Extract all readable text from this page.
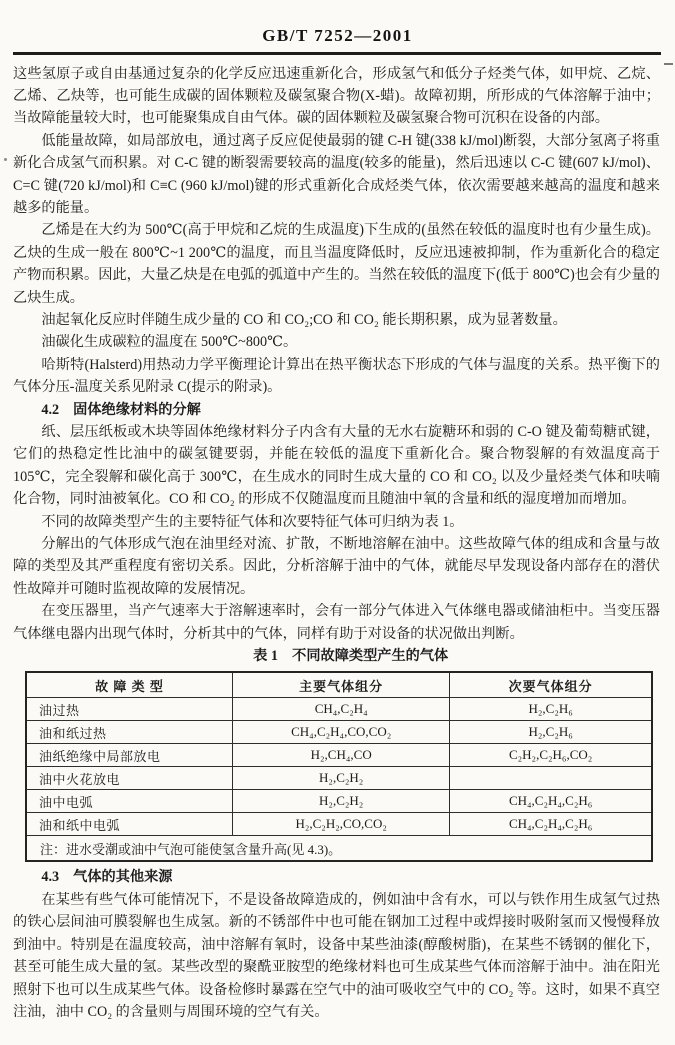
GB/T 7252—2001

这些氢原子或自由基通过复杂的化学反应迅速重新化合，形成氢气和低分子烃类气体，如甲烷、乙烷、乙烯、乙炔等，也可能生成碳的固体颗粒及碳氢聚合物(X-蜡)。故障初期，所形成的气体溶解于油中；当故障能量较大时，也可能聚集成自由气体。碳的固体颗粒及碳氢聚合物可沉积在设备的内部。

低能量故障，如局部放电，通过离子反应促使最弱的键 C-H 键(338 kJ/mol)断裂，大部分氢离子将重新化合成氢气而积累。对 C-C 键的断裂需要较高的温度(较多的能量)，然后迅速以 C-C 键(607 kJ/mol)、C=C 键(720 kJ/mol)和 C≡C (960 kJ/mol)键的形式重新化合成烃类气体，依次需要越来越高的温度和越来越多的能量。

乙烯是在大约为 500℃(高于甲烷和乙烷的生成温度)下生成的(虽然在较低的温度时也有少量生成)。乙炔的生成一般在 800℃~1 200℃的温度，而且当温度降低时，反应迅速被抑制，作为重新化合的稳定产物而积累。因此，大量乙炔是在电弧的弧道中产生的。当然在较低的温度下(低于 800℃)也会有少量的乙炔生成。

油起氧化反应时伴随生成少量的 CO 和 CO₂;CO 和 CO₂ 能长期积累，成为显著数量。

油碳化生成碳粒的温度在 500℃~800℃。

哈斯特(Halsterd)用热动力学平衡理论计算出在热平衡状态下形成的气体与温度的关系。热平衡下的气体分压-温度关系见附录 C(提示的附录)。

4.2 固体绝缘材料的分解

纸、层压纸板或木块等固体绝缘材料分子内含有大量的无水右旋糖环和弱的 C-O 键及葡萄糖甙键，它们的热稳定性比油中的碳氢键要弱，并能在较低的温度下重新化合。聚合物裂解的有效温度高于105℃，完全裂解和碳化高于 300℃，在生成水的同时生成大量的 CO 和 CO₂ 以及少量烃类气体和呋喃化合物，同时油被氧化。CO 和 CO₂ 的形成不仅随温度而且随油中氧的含量和纸的湿度增加而增加。

不同的故障类型产生的主要特征气体和次要特征气体可归纳为表 1。

分解出的气体形成气泡在油里经对流、扩散，不断地溶解在油中。这些故障气体的组成和含量与故障的类型及其严重程度有密切关系。因此，分析溶解于油中的气体，就能尽早发现设备内部存在的潜伏性故障并可随时监视故障的发展情况。

在变压器里，当产气速率大于溶解速率时，会有一部分气体进入气体继电器或储油柜中。当变压器气体继电器内出现气体时，分析其中的气体，同样有助于对设备的状况做出判断。

表 1　不同故障类型产生的气体

故 障 类 型	主要气体组分	次要气体组分
油过热	CH₄,C₂H₄	H₂,C₂H₆
油和纸过热	CH₄,C₂H₄,CO,CO₂	H₂,C₂H₆
油纸绝缘中局部放电	H₂,CH₄,CO	C₂H₂,C₂H₆,CO₂
油中火花放电	H₂,C₂H₂	
油中电弧	H₂,C₂H₂	CH₄,C₂H₄,C₂H₆
油和纸中电弧	H₂,C₂H₂,CO,CO₂	CH₄,C₂H₄,C₂H₆
注：进水受潮或油中气泡可能使氢含量升高(见 4.3)。		

4.3 气体的其他来源

在某些有些气体可能情况下，不是设备故障造成的，例如油中含有水，可以与铁作用生成氢气过热的铁心层间油可膜裂解也生成氢。新的不锈部件中也可能在钢加工过程中或焊接时吸附氢而又慢慢释放到油中。特别是在温度较高，油中溶解有氧时，设备中某些油漆(醇酸树脂)，在某些不锈钢的催化下，甚至可能生成大量的氢。某些改型的聚酰亚胺型的绝缘材料也可生成某些气体而溶解于油中。油在阳光照射下也可以生成某些气体。设备检修时暴露在空气中的油可吸收空气中的 CO₂ 等。这时，如果不真空注油，油中 CO₂ 的含量则与周围环境的空气有关。
